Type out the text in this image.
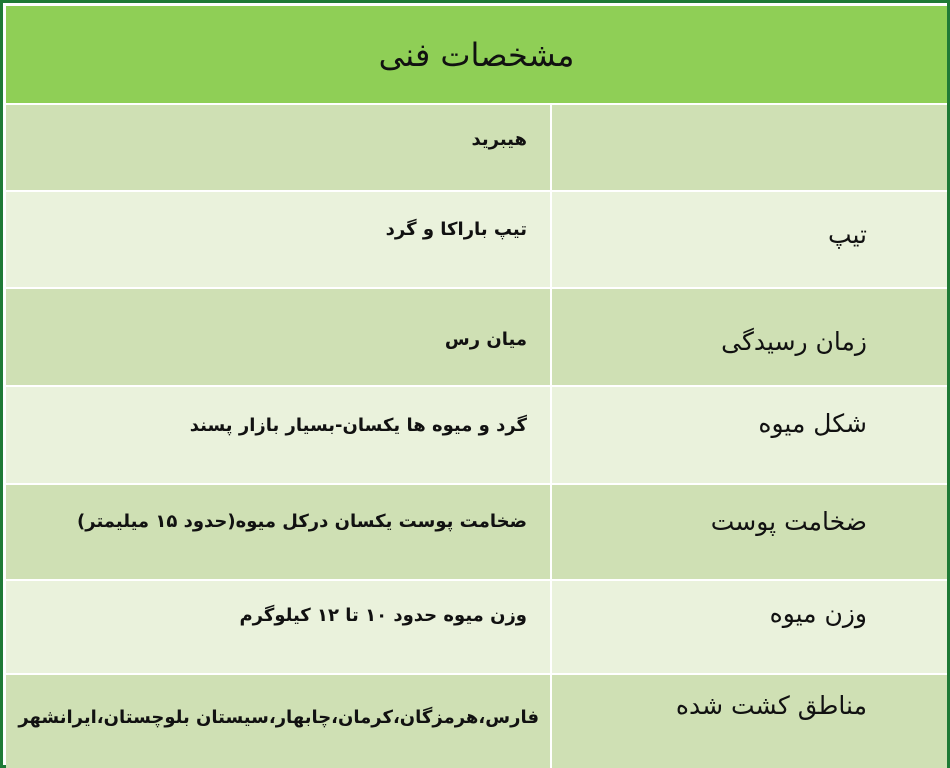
مشخصات فنی
هیبرید
تیپ
تیپ باراکا و گرد
زمان رسیدگی
میان رس
شکل میوه
گرد و میوه ها یکسان-بسیار بازار پسند
ضخامت پوست
ضخامت پوست یکسان درکل میوه(حدود ۱۵ میلیمتر)
وزن میوه
وزن میوه حدود ۱۰ تا ۱۲ کیلوگرم
مناطق کشت شده
فارس،هرمزگان،کرمان،چابهار،سیستان بلوچستان،ایرانشهر
